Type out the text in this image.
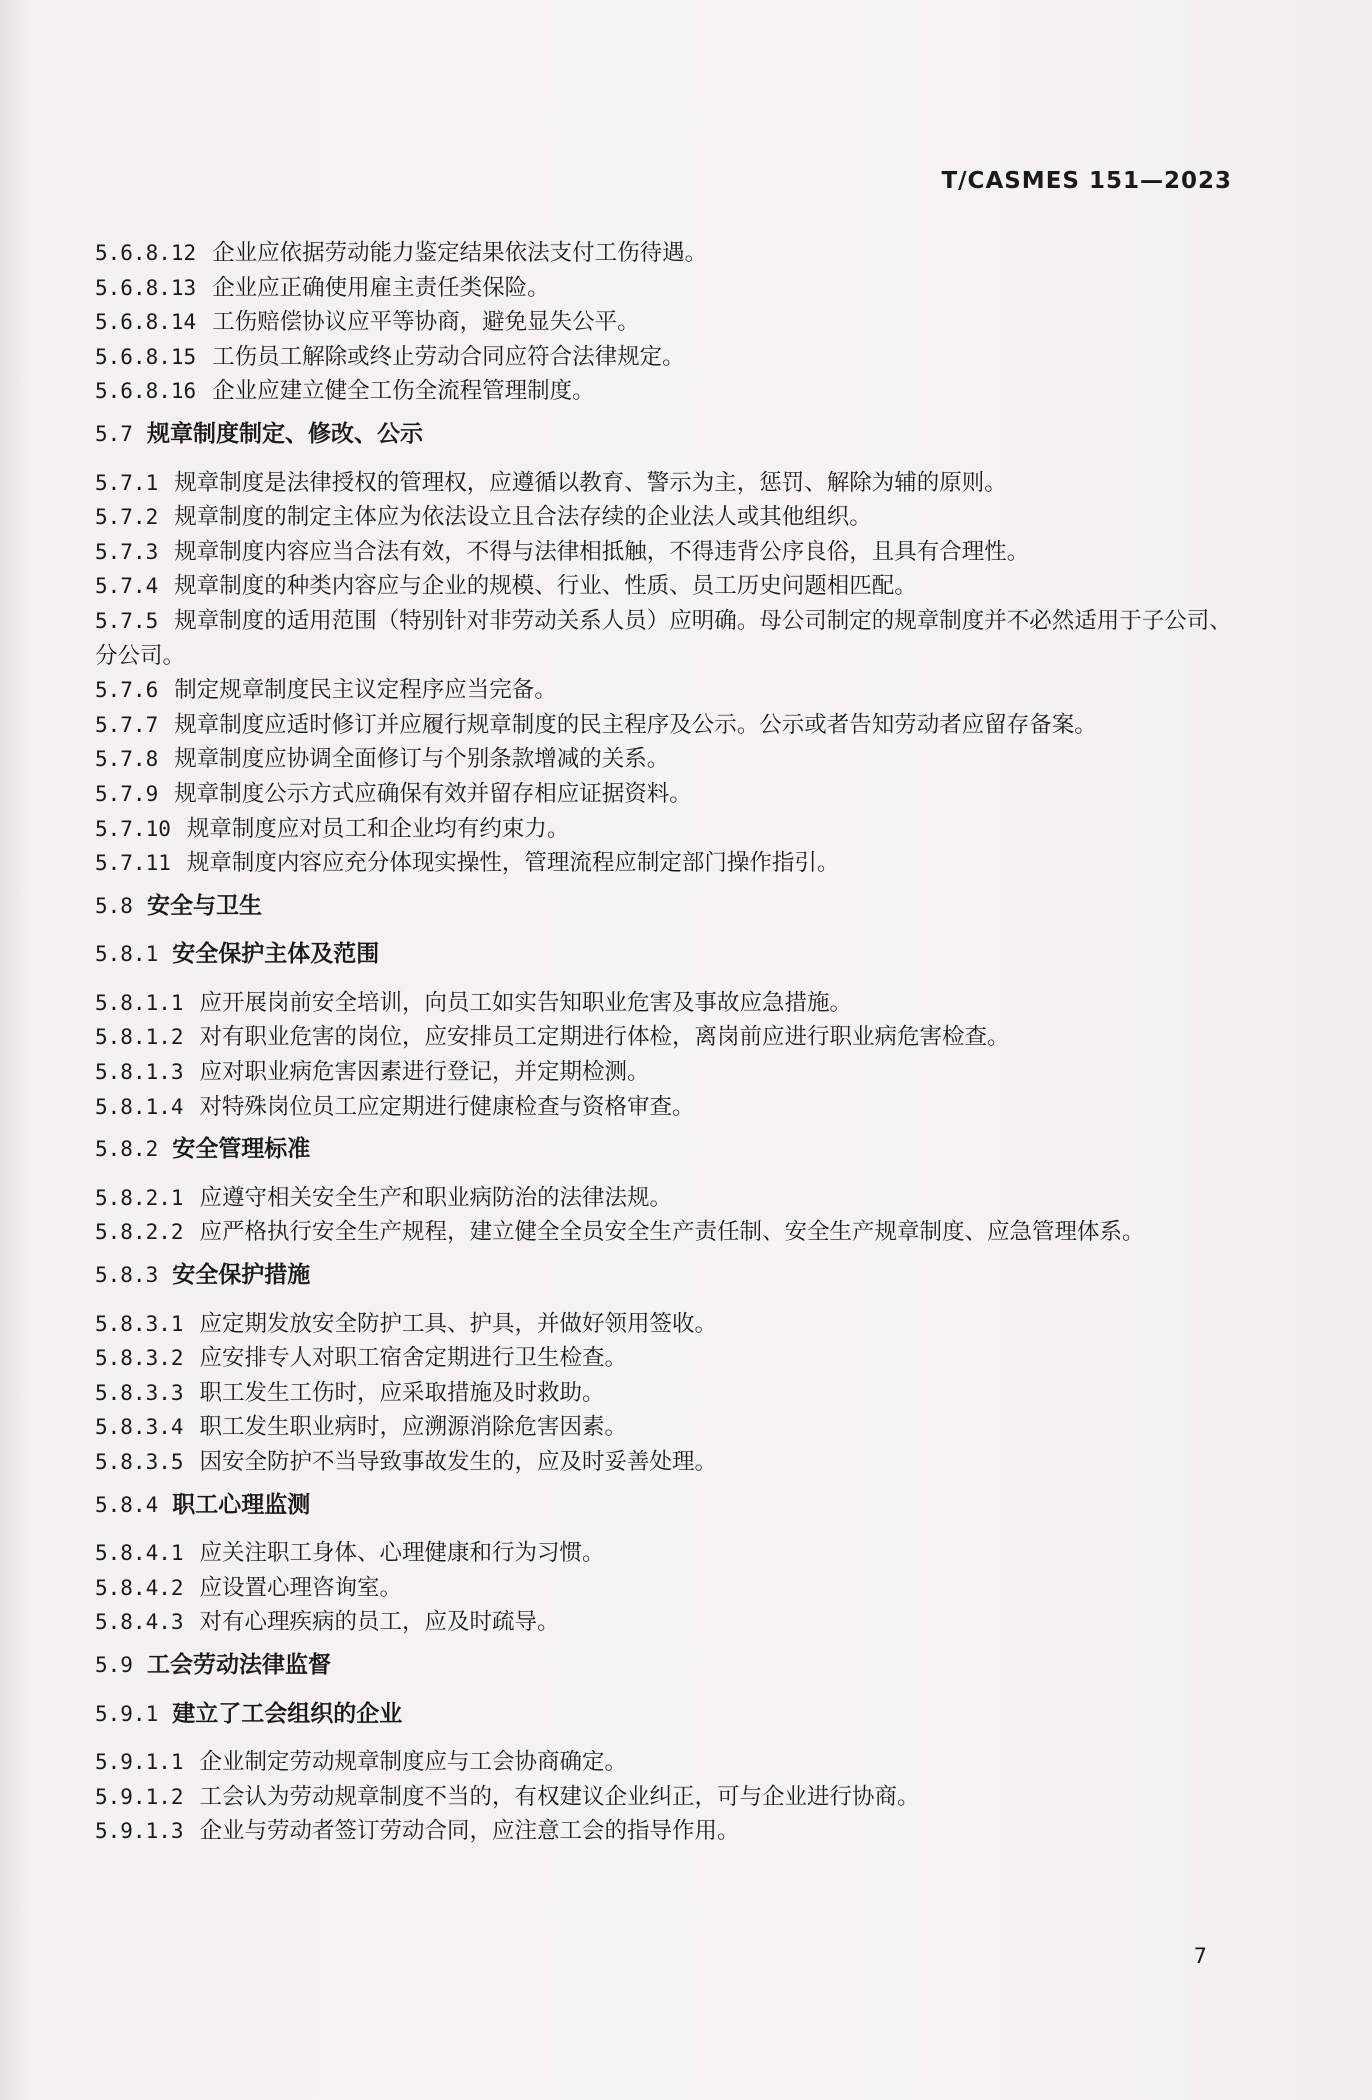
T/CASMES 151—2023
5.6.8.12 企业应依据劳动能力鉴定结果依法支付工伤待遇。
5.6.8.13 企业应正确使用雇主责任类保险。
5.6.8.14 工伤赔偿协议应平等协商，避免显失公平。
5.6.8.15 工伤员工解除或终止劳动合同应符合法律规定。
5.6.8.16 企业应建立健全工伤全流程管理制度。
5.7 规章制度制定、修改、公示
5.7.1 规章制度是法律授权的管理权，应遵循以教育、警示为主，惩罚、解除为辅的原则。
5.7.2 规章制度的制定主体应为依法设立且合法存续的企业法人或其他组织。
5.7.3 规章制度内容应当合法有效，不得与法律相抵触，不得违背公序良俗，且具有合理性。
5.7.4 规章制度的种类内容应与企业的规模、行业、性质、员工历史问题相匹配。
5.7.5 规章制度的适用范围（特别针对非劳动关系人员）应明确。母公司制定的规章制度并不必然适用于子公司、分公司。
5.7.6 制定规章制度民主议定程序应当完备。
5.7.7 规章制度应适时修订并应履行规章制度的民主程序及公示。公示或者告知劳动者应留存备案。
5.7.8 规章制度应协调全面修订与个别条款增减的关系。
5.7.9 规章制度公示方式应确保有效并留存相应证据资料。
5.7.10 规章制度应对员工和企业均有约束力。
5.7.11 规章制度内容应充分体现实操性，管理流程应制定部门操作指引。
5.8 安全与卫生
5.8.1 安全保护主体及范围
5.8.1.1 应开展岗前安全培训，向员工如实告知职业危害及事故应急措施。
5.8.1.2 对有职业危害的岗位，应安排员工定期进行体检，离岗前应进行职业病危害检查。
5.8.1.3 应对职业病危害因素进行登记，并定期检测。
5.8.1.4 对特殊岗位员工应定期进行健康检查与资格审查。
5.8.2 安全管理标准
5.8.2.1 应遵守相关安全生产和职业病防治的法律法规。
5.8.2.2 应严格执行安全生产规程，建立健全全员安全生产责任制、安全生产规章制度、应急管理体系。
5.8.3 安全保护措施
5.8.3.1 应定期发放安全防护工具、护具，并做好领用签收。
5.8.3.2 应安排专人对职工宿舍定期进行卫生检查。
5.8.3.3 职工发生工伤时，应采取措施及时救助。
5.8.3.4 职工发生职业病时，应溯源消除危害因素。
5.8.3.5 因安全防护不当导致事故发生的，应及时妥善处理。
5.8.4 职工心理监测
5.8.4.1 应关注职工身体、心理健康和行为习惯。
5.8.4.2 应设置心理咨询室。
5.8.4.3 对有心理疾病的员工，应及时疏导。
5.9 工会劳动法律监督
5.9.1 建立了工会组织的企业
5.9.1.1 企业制定劳动规章制度应与工会协商确定。
5.9.1.2 工会认为劳动规章制度不当的，有权建议企业纠正，可与企业进行协商。
5.9.1.3 企业与劳动者签订劳动合同，应注意工会的指导作用。
7
